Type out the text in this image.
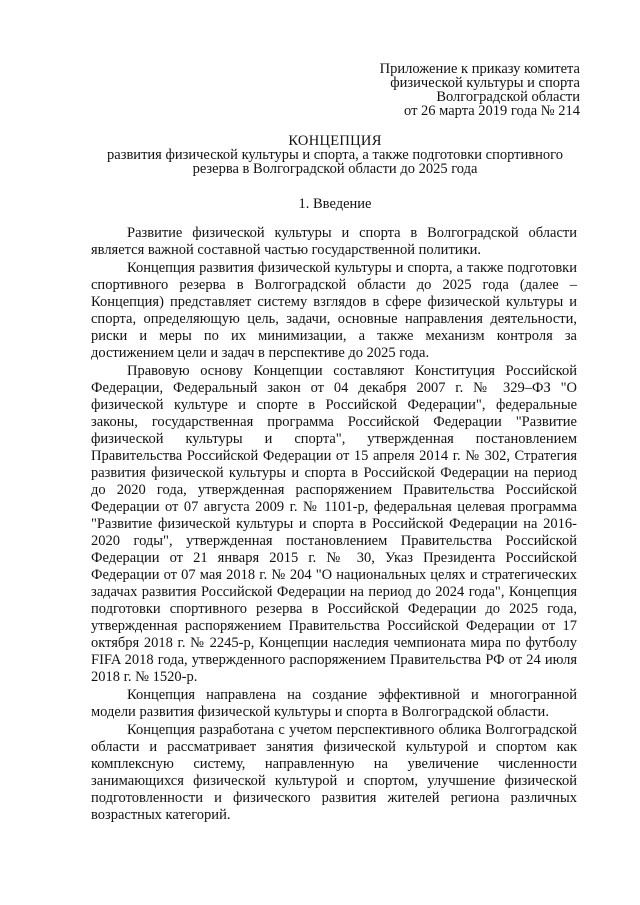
Приложение к приказу комитета
физической культуры и спорта
Волгоградской области
от 26 марта 2019 года № 214
КОНЦЕПЦИЯ
развития физической культуры и спорта, а также подготовки спортивного
резерва в Волгоградской области до 2025 года
1. Введение

Развитие физической культуры и спорта в Волгоградской области является важной составной частью государственной политики.

Концепция развития физической культуры и спорта, а также подготовки спортивного резерва в Волгоградской области до 2025 года (далее – Концепция) представляет систему взглядов в сфере физической культуры и спорта, определяющую цель, задачи, основные направления деятельности, риски и меры по их минимизации, а также механизм контроля за достижением цели и задач в перспективе до 2025 года.

Правовую основу Концепции составляют Конституция Российской Федерации, Федеральный закон от 04 декабря 2007 г. № 329–ФЗ "О физической культуре и спорте в Российской Федерации", федеральные законы, государственная программа Российской Федерации "Развитие физической культуры и спорта", утвержденная постановлением Правительства Российской Федерации от 15 апреля 2014 г. № 302, Стратегия развития физической культуры и спорта в Российской Федерации на период до 2020 года, утвержденная распоряжением Правительства Российской Федерации от 07 августа 2009 г. № 1101-р, федеральная целевая программа "Развитие физической культуры и спорта в Российской Федерации на 2016-2020 годы", утвержденная постановлением Правительства Российской Федерации от 21 января 2015 г. № 30, Указ Президента Российской Федерации от 07 мая 2018 г. № 204 "О национальных целях и стратегических задачах развития Российской Федерации на период до 2024 года", Концепция подготовки спортивного резерва в Российской Федерации до 2025 года, утвержденная распоряжением Правительства Российской Федерации от 17 октября 2018 г. № 2245-р, Концепции наследия чемпионата мира по футболу FIFA 2018 года, утвержденного распоряжением Правительства РФ от 24 июля 2018 г. № 1520-р.

Концепция направлена на создание эффективной и многогранной модели развития физической культуры и спорта в Волгоградской области.

Концепция разработана с учетом перспективного облика Волгоградской области и рассматривает занятия физической культурой и спортом как комплексную систему, направленную на увеличение численности занимающихся физической культурой и спортом, улучшение физической подготовленности и физического развития жителей региона различных возрастных категорий.
